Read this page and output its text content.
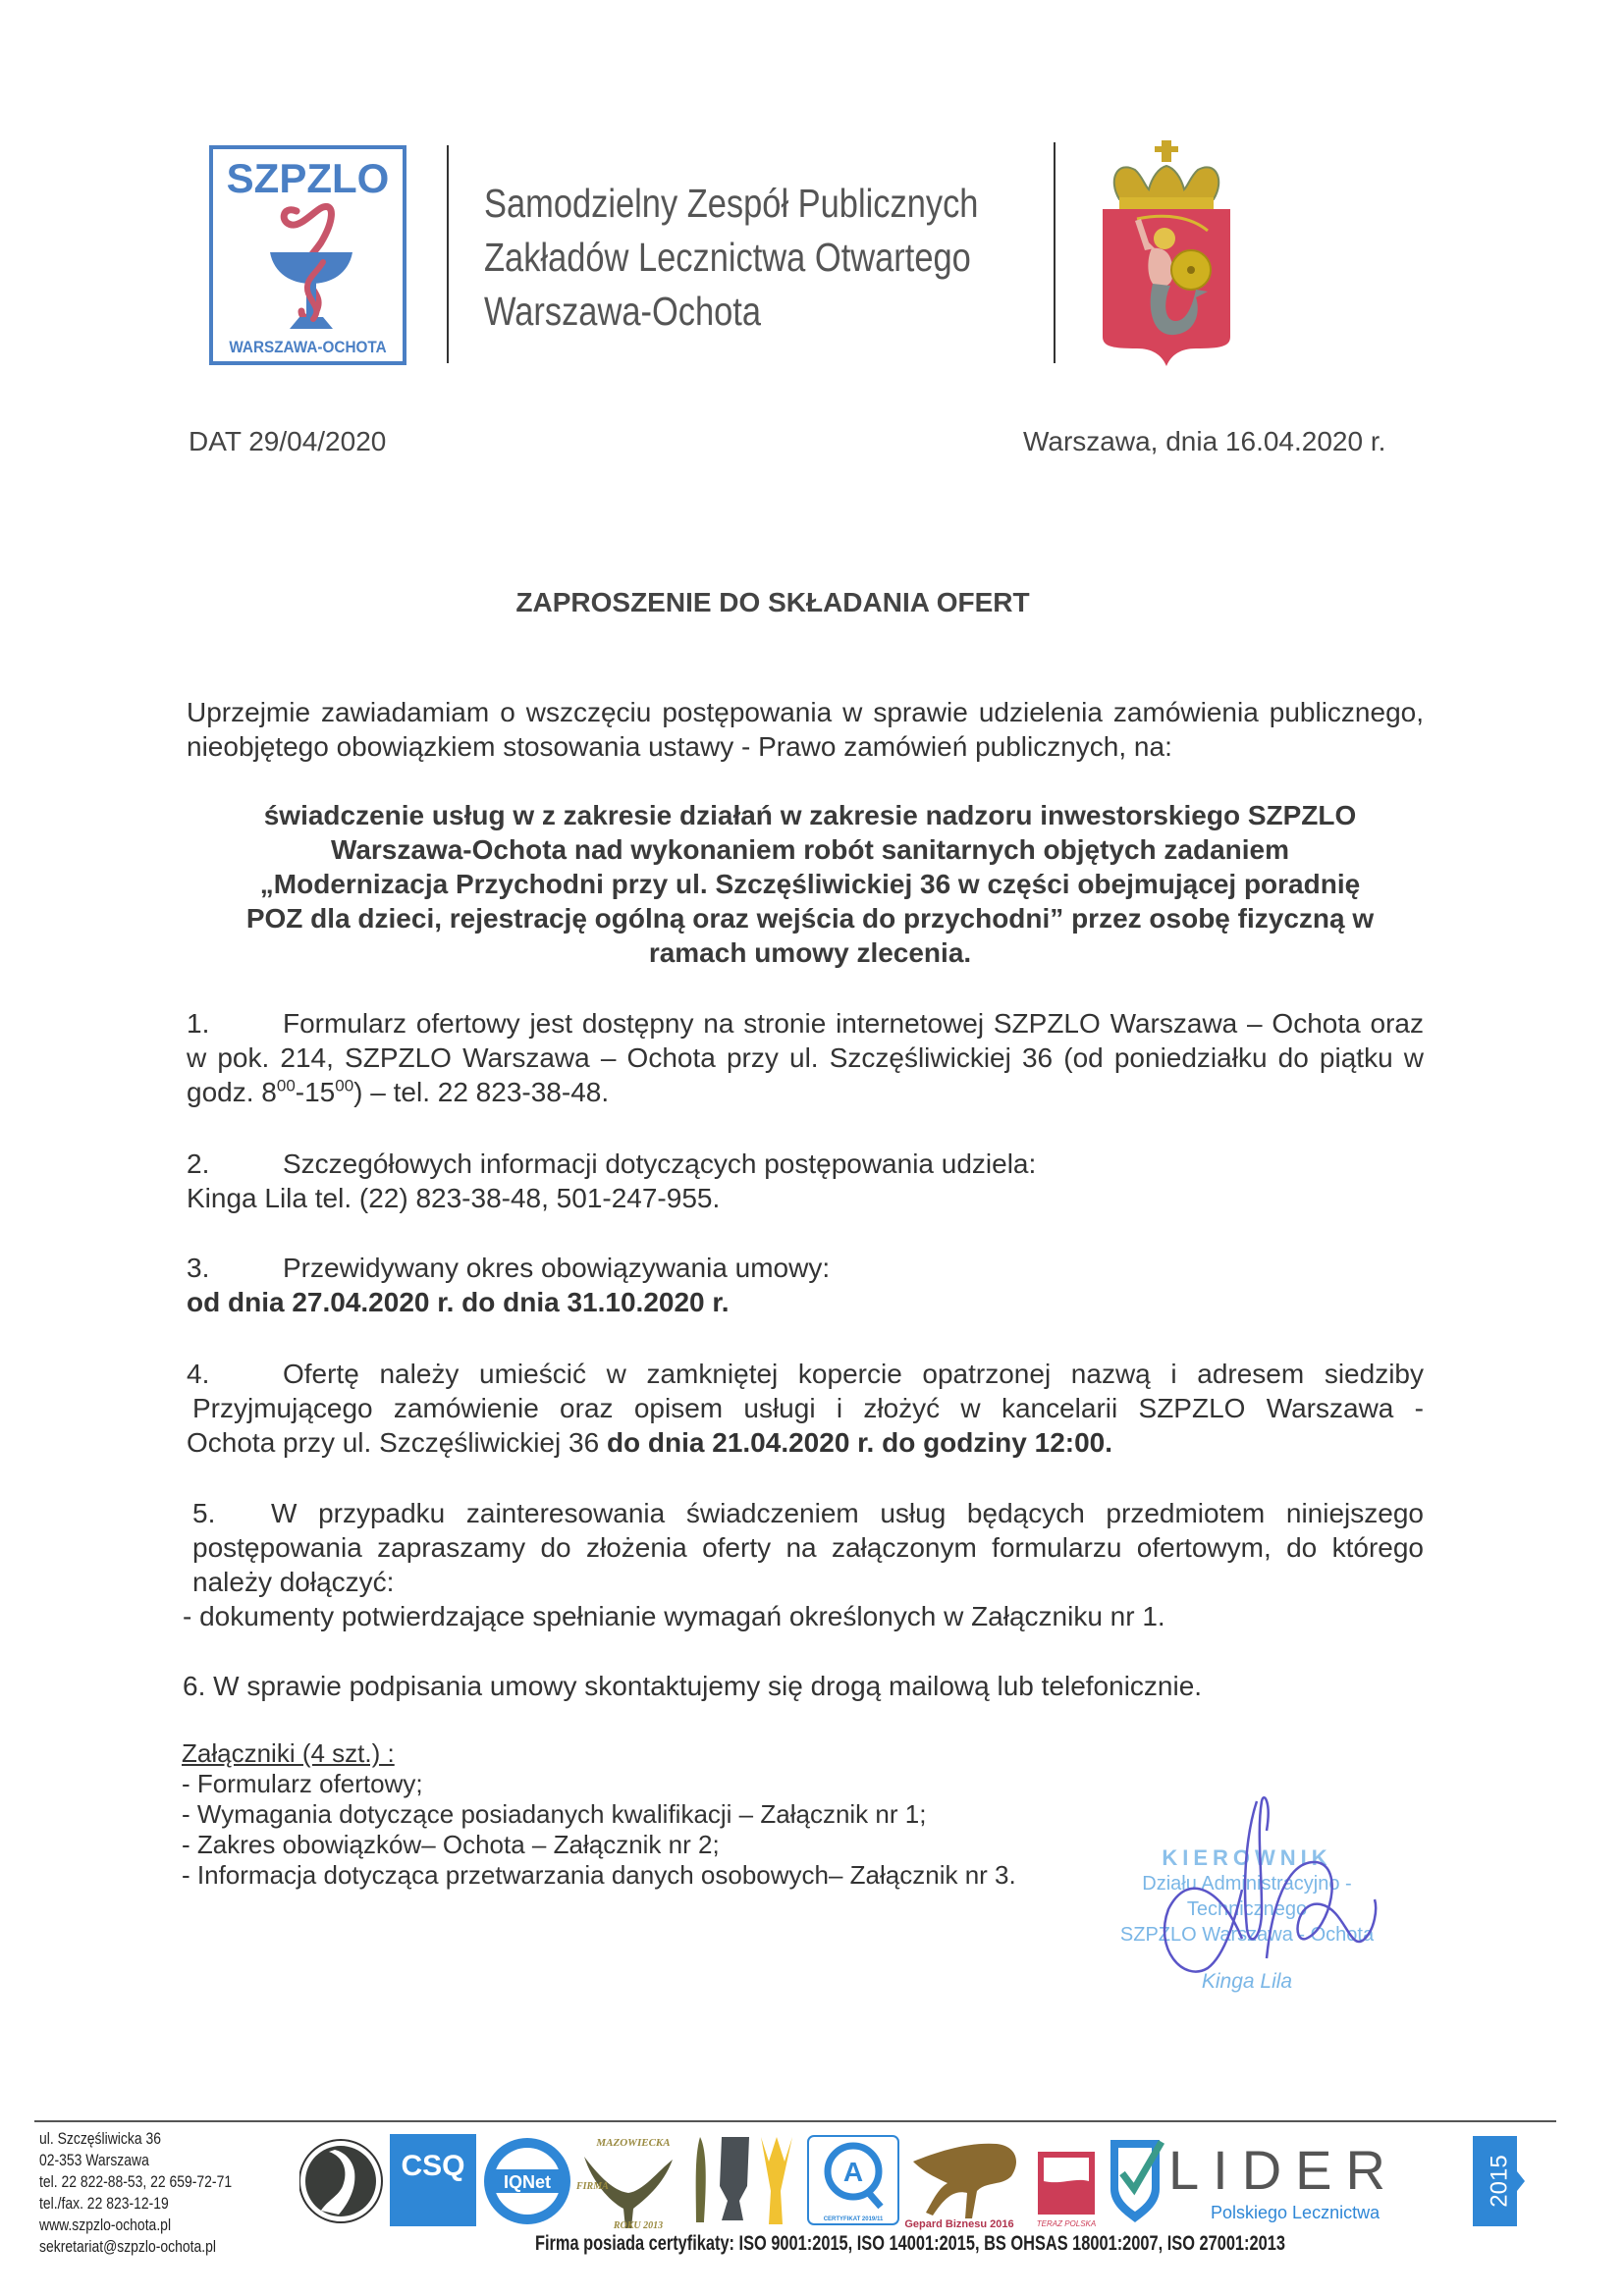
SZPZLO
WARSZAWA-OCHOTA
Samodzielny Zespół Publicznych
Zakładów Lecznictwa Otwartego
Warszawa-Ochota
DAT 29/04/2020	Warszawa, dnia 16.04.2020 r.
ZAPROSZENIE DO SKŁADANIA OFERT
Uprzejmie zawiadamiam o wszczęciu postępowania w sprawie udzielenia zamówienia publicznego, nieobjętego obowiązkiem stosowania ustawy - Prawo zamówień publicznych, na:
świadczenie usług w z zakresie działań w zakresie nadzoru inwestorskiego SZPZLO
Warszawa-Ochota nad wykonaniem robót sanitarnych objętych zadaniem
„Modernizacja Przychodni przy ul. Szczęśliwickiej 36 w części obejmującej poradnię
POZ dla dzieci, rejestrację ogólną oraz wejścia do przychodni” przez osobę fizyczną w
ramach umowy zlecenia.
1.	Formularz ofertowy jest dostępny na stronie internetowej SZPZLO Warszawa – Ochota oraz w pok. 214, SZPZLO Warszawa – Ochota przy ul. Szczęśliwickiej 36 (od poniedziałku do piątku w godz. $8^{00}-15^{00}$) – tel. 22 823-38-48.
2.	Szczegółowych informacji dotyczących postępowania udziela:
Kinga Lila tel. (22) 823-38-48, 501-247-955.
3.	Przewidywany okres obowiązywania umowy:
od dnia 27.04.2020 r. do dnia 31.10.2020 r.
4.	Ofertę należy umieścić w zamkniętej kopercie opatrzonej nazwą i adresem siedziby
Przyjmującego zamówienie oraz opisem usługi i złożyć w kancelarii SZPZLO Warszawa -
Ochota przy ul. Szczęśliwickiej 36 do dnia 21.04.2020 r. do godziny 12:00.
5. W przypadku zainteresowania świadczeniem usług będących przedmiotem niniejszego postępowania zapraszamy do złożenia oferty na załączonym formularzu ofertowym, do którego należy dołączyć:
- dokumenty potwierdzające spełnianie wymagań określonych w Załączniku nr 1.
6. W sprawie podpisania umowy skontaktujemy się drogą mailową lub telefonicznie.
Załączniki (4 szt.) :
- Formularz ofertowy;
- Wymagania dotyczące posiadanych kwalifikacji – Załącznik nr 1;
- Zakres obowiązków– Ochota – Załącznik nr 2;
- Informacja dotycząca przetwarzania danych osobowych– Załącznik nr 3.
KIEROWNIK
Działu Administracyjno - Technicznego
SZPZLO Warszawa - Ochota
Kinga Lila
ul. Szczęśliwicka 36
02-353 Warszawa
tel. 22 822-88-53, 22 659-72-71
tel./fax. 22 823-12-19
www.szpzlo-ochota.pl
sekretariat@szpzlo-ochota.pl
CSQ IQNet
MAZOWIECKA
FIRMA
ROKU 2013
A
CERTYFIKAT 2019/11 Gepard Biznesu 2016	TERAZ POLSKA
LIDER
Polskiego Lecznictwa
2015
Firma posiada certyfikaty: ISO 9001:2015, ISO 14001:2015, BS OHSAS 18001:2007, ISO 27001:2013
